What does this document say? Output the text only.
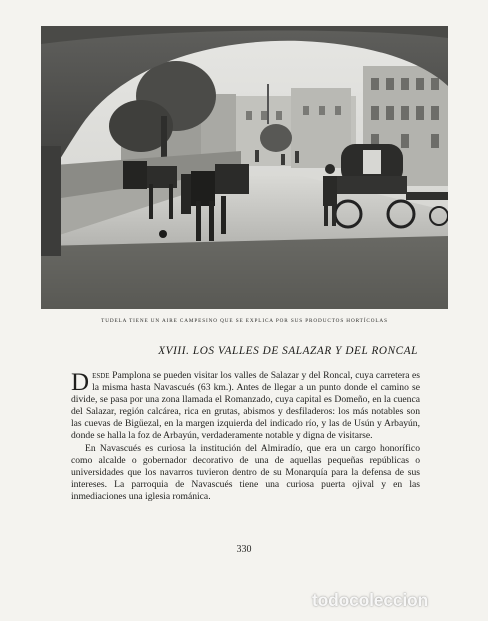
TUDELA TIENE UN AIRE CAMPESINO QUE SE EXPLICA POR SUS PRODUCTOS HORTÍCOLAS
XVIII. LOS VALLES DE SALAZAR Y DEL RONCAL

Desde Pamplona se pueden visitar los valles de Salazar y del Roncal, cuya carretera es la misma hasta Navascués (63 km.). Antes de llegar a un punto donde el camino se divide, se pasa por una zona llamada el Romanzado, cuya capital es Domeño, en la cuenca del Salazar, región calcárea, rica en grutas, abismos y desfiladeros: los más notables son las cuevas de Bigüezal, en la margen izquierda del indicado río, y las de Usún y Arbayún, donde se halla la foz de Arbayún, verdaderamente notable y digna de visitarse.

En Navascués es curiosa la institución del Almiradío, que era un cargo honorífico como alcalde o gobernador decorativo de una de aquellas pequeñas repúblicas o universidades que los navarros tuvieron dentro de su Monarquía para la defensa de sus intereses. La parroquia de Navascués tiene una curiosa puerta ojival y en las inmediaciones una iglesia románica.

330
todocoleccion
